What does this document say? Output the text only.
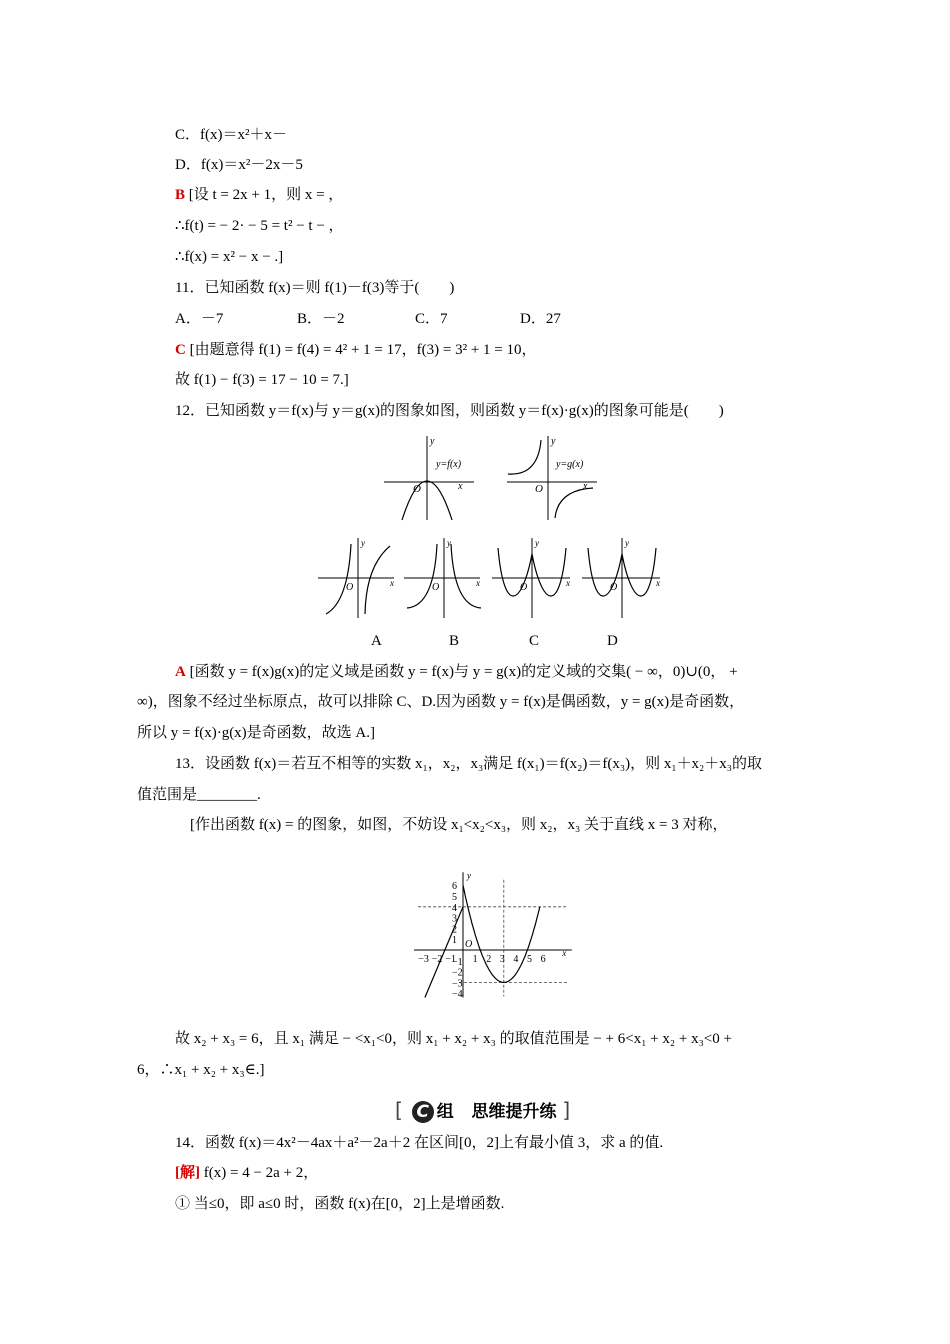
C．f(x)＝x²＋x－
D．f(x)＝x²－2x－5
B [设 t = 2x + 1，则 x = ，
∴f(t) = − 2· − 5 = t² − t − ，
∴f(x) = x² − x − .]
11．已知函数 f(x)＝则 f(1)－f(3)等于(　　)
A．－7	B．－2	C．7	D．27
C [由题意得 f(1) = f(4) = 4² + 1 = 17，f(3) = 3² + 1 = 10，
故 f(1) − f(3) = 17 − 10 = 7.]
12．已知函数 y＝f(x)与 y＝g(x)的图象如图，则函数 y＝f(x)·g(x)的图象可能是(　　)
A [函数 y = f(x)g(x)的定义域是函数 y = f(x)与 y = g(x)的定义域的交集( − ∞，0)∪(0， +
∞)，图象不经过坐标原点，故可以排除 C、D.因为函数 y = f(x)是偶函数，y = g(x)是奇函数，
所以 y = f(x)·g(x)是奇函数，故选 A.]
13．设函数 f(x)＝若互不相等的实数 x₁，x₂，x₃满足 f(x₁)＝f(x₂)＝f(x₃)，则 x₁＋x₂＋x₃的取
值范围是________.
[作出函数 f(x) = 的图象，如图，不妨设 x₁<x₂<x₃，则 x₂，x₃ 关于直线 x = 3 对称，
故 x₂ + x₃ = 6，且 x₁ 满足 − <x₁<0，则 x₁ + x₂ + x₃ 的取值范围是 − + 6<x₁ + x₂ + x₃<0 +
6，∴x₁ + x₂ + x₃∈.]
14．函数 f(x)＝4x²－4ax＋a²－2a＋2 在区间[0，2]上有最小值 3，求 a 的值.
[解] f(x) = 4 − 2a + 2，
① 当≤0，即 a≤0 时，函数 f(x)在[0，2]上是增函数.
[ C 组 思维提升练 ]
y
x
O
y=f(x)
y
x
O
y=g(x)
y
x
O
y
x
O
y
x
O
y
x
O
A	B	C	D
−3 −2 −1 1 2 3 4 5 6
6
5
4
3
2
1
−1
−2
−3
−4
O
x
y
